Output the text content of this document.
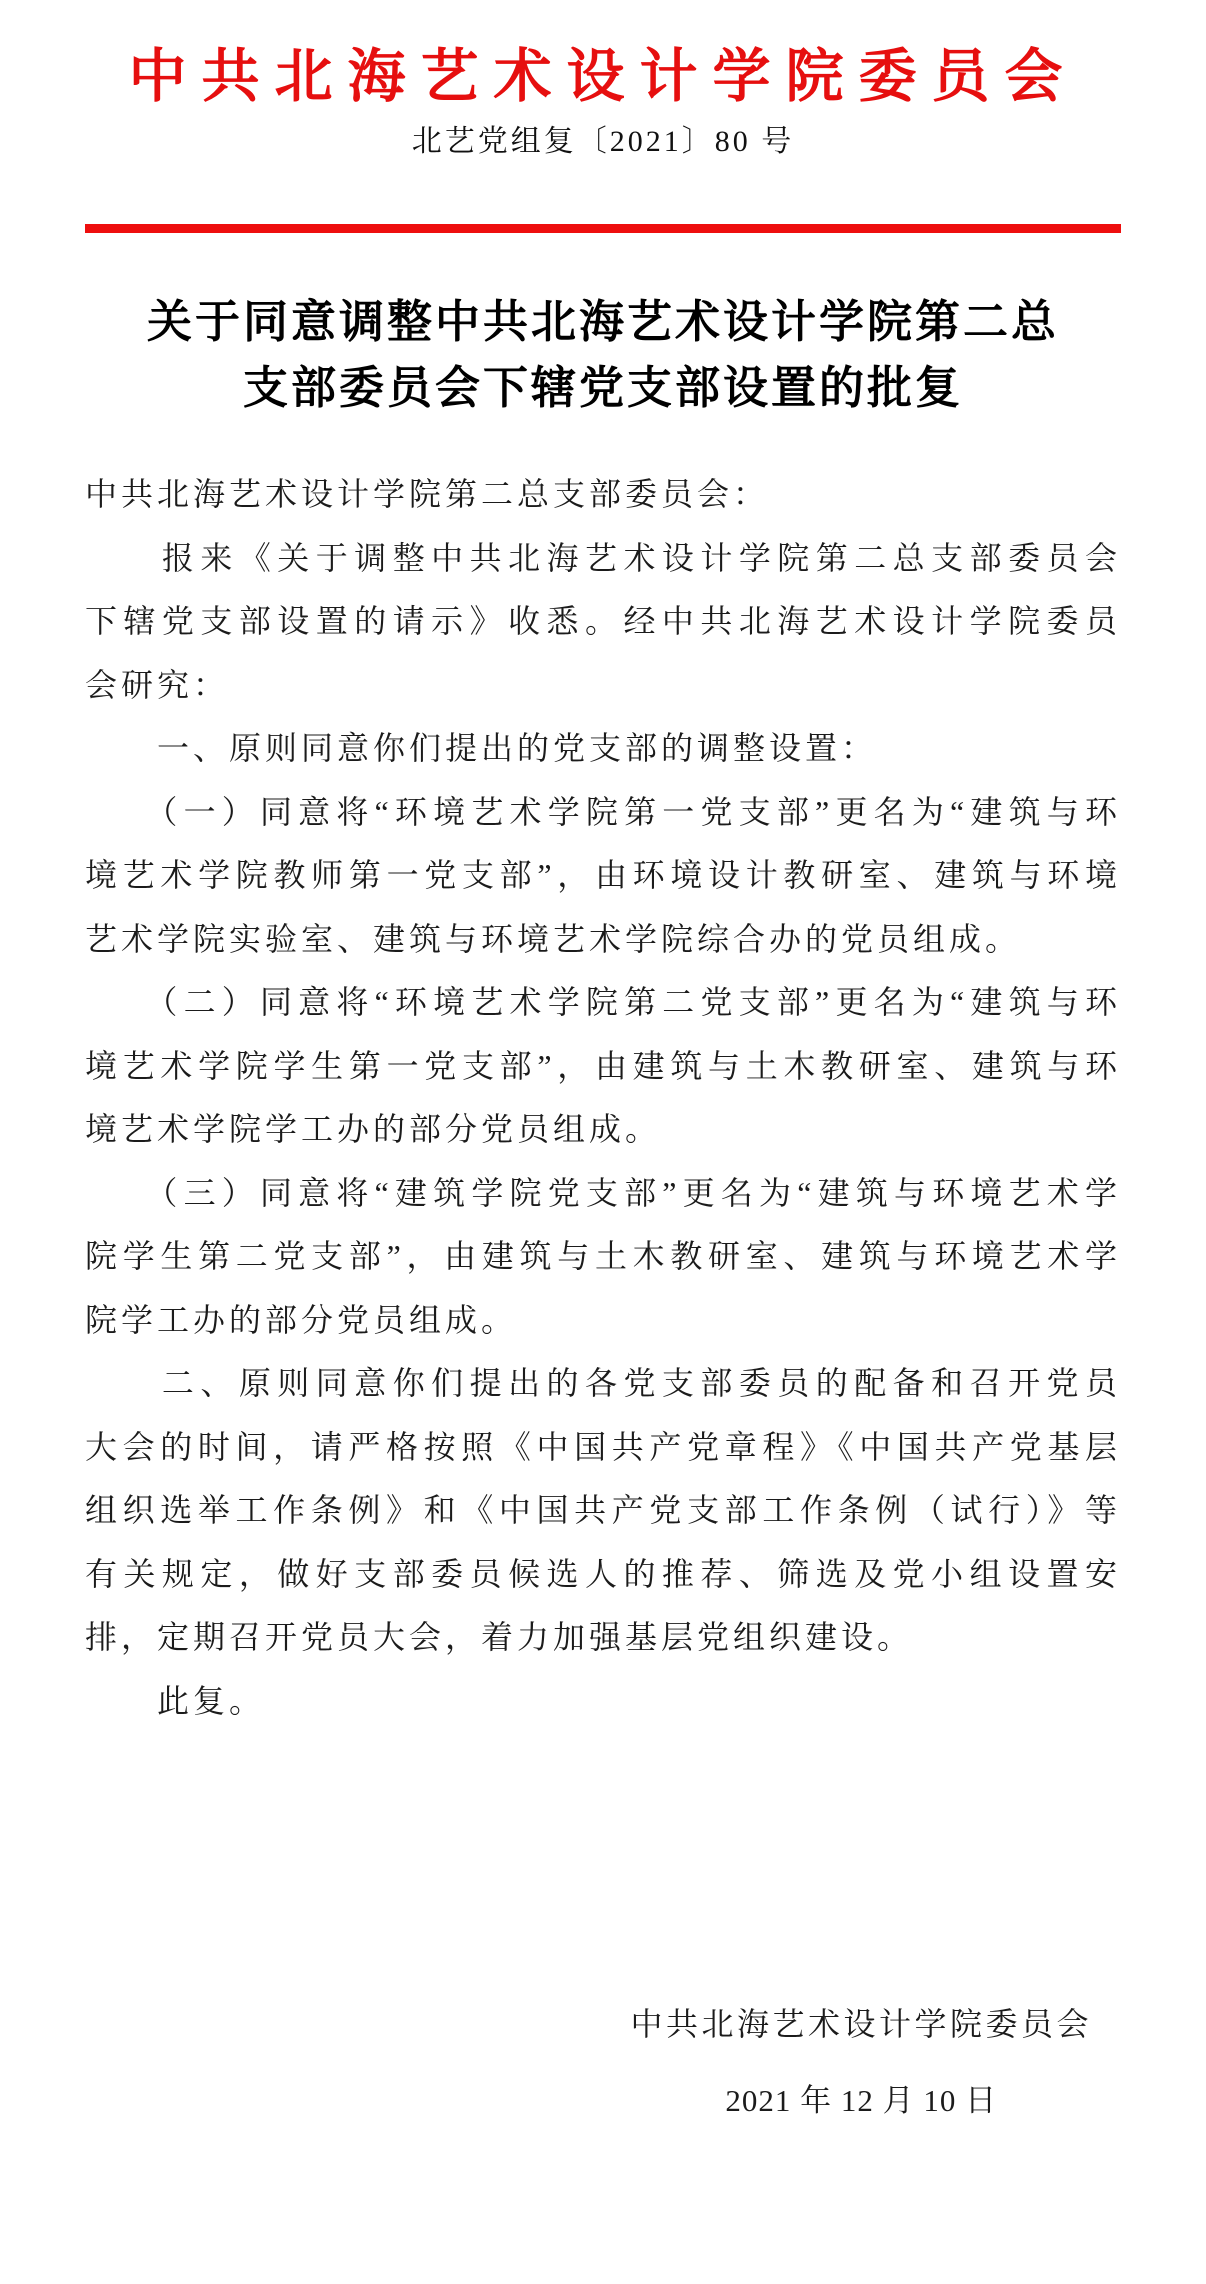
中共北海艺术设计学院委员会
北艺党组复〔2021〕80 号
关于同意调整中共北海艺术设计学院第二总
支部委员会下辖党支部设置的批复
中共北海艺术设计学院第二总支部委员会：
　　报来《关于调整中共北海艺术设计学院第二总支部委员会
下辖党支部设置的请示》收悉。经中共北海艺术设计学院委员
会研究：
　　一、原则同意你们提出的党支部的调整设置：
　　（一）同意将“环境艺术学院第一党支部”更名为“建筑与环
境艺术学院教师第一党支部”，由环境设计教研室、建筑与环境
艺术学院实验室、建筑与环境艺术学院综合办的党员组成。
　　（二）同意将“环境艺术学院第二党支部”更名为“建筑与环
境艺术学院学生第一党支部”，由建筑与土木教研室、建筑与环
境艺术学院学工办的部分党员组成。
　　（三）同意将“建筑学院党支部”更名为“建筑与环境艺术学
院学生第二党支部”，由建筑与土木教研室、建筑与环境艺术学
院学工办的部分党员组成。
　　二、原则同意你们提出的各党支部委员的配备和召开党员
大会的时间，请严格按照《中国共产党章程》《中国共产党基层
组织选举工作条例》和《中国共产党支部工作条例（试行）》等
有关规定，做好支部委员候选人的推荐、筛选及党小组设置安
排，定期召开党员大会，着力加强基层党组织建设。
　　此复。
中共北海艺术设计学院委员会
2021 年 12 月 10 日
